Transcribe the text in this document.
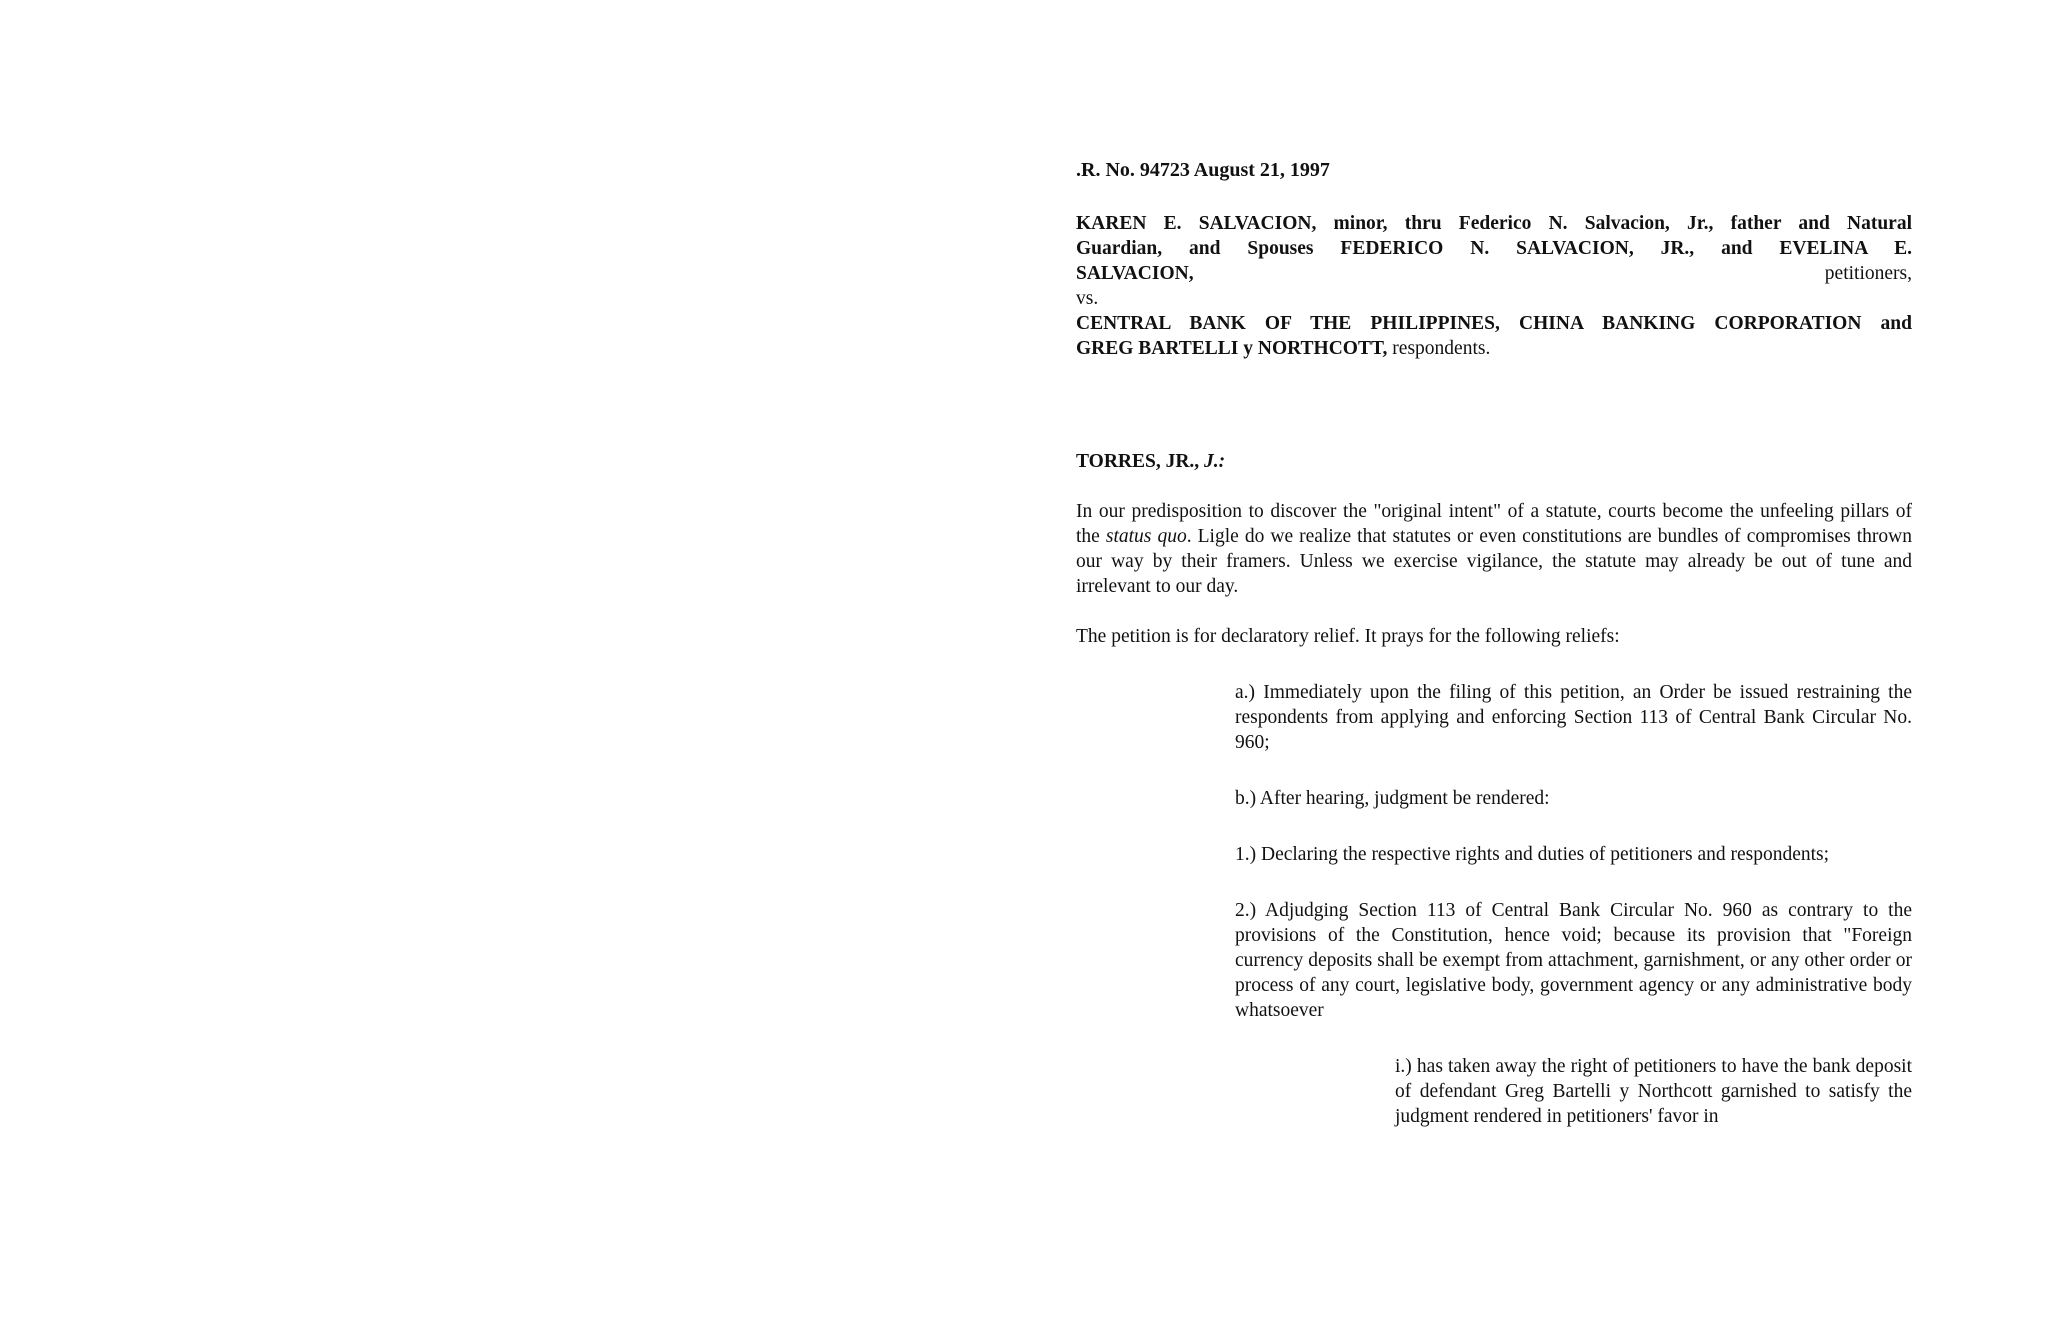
.R. No. 94723 August 21, 1997

KAREN E. SALVACION, minor, thru Federico N. Salvacion, Jr., father and Natural

Guardian, and Spouses FEDERICO N. SALVACION, JR., and EVELINA E.

SALVACION,	petitioners,

vs.

CENTRAL BANK OF THE PHILIPPINES, CHINA BANKING CORPORATION and

GREG BARTELLI y NORTHCOTT, respondents.

TORRES, JR., J.:

In our predisposition to discover the "original intent" of a statute, courts become the unfeeling pillars of the status quo. Ligle do we realize that statutes or even constitutions are bundles of compromises thrown our way by their framers. Unless we exercise vigilance, the statute may already be out of tune and irrelevant to our day.

The petition is for declaratory relief. It prays for the following reliefs:

a.) Immediately upon the filing of this petition, an Order be issued restraining the respondents from applying and enforcing Section 113 of Central Bank Circular No. 960;

b.) After hearing, judgment be rendered:

1.) Declaring the respective rights and duties of petitioners and respondents;

2.) Adjudging Section 113 of Central Bank Circular No. 960 as contrary to the provisions of the Constitution, hence void; because its provision that "Foreign currency deposits shall be exempt from attachment, garnishment, or any other order or process of any court, legislative body, government agency or any administrative body whatsoever

i.) has taken away the right of petitioners to have the bank deposit of defendant Greg Bartelli y Northcott garnished to satisfy the judgment rendered in petitioners' favor in
